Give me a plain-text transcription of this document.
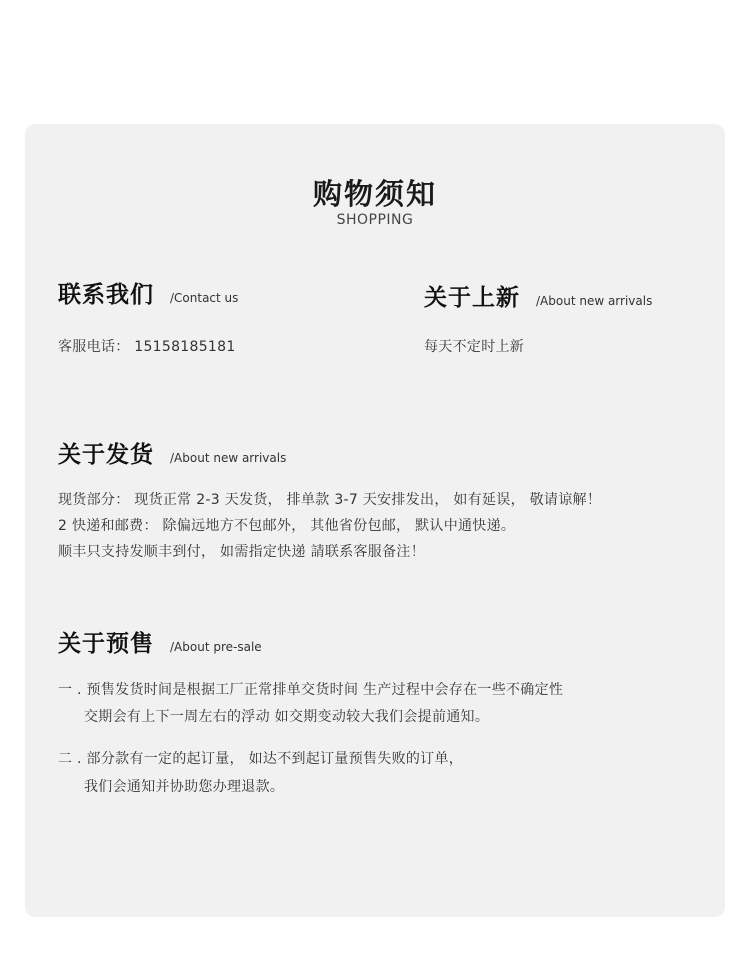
购物须知
SHOPPING
联系我们 /Contact us
客服电话： 15158185181
关于上新 /About new arrivals
每天不定时上新
关于发货 /About new arrivals
现货部分： 现货正常 2-3 天发货， 排单款 3-7 天安排发出， 如有延误， 敬请谅解！
2 快递和邮费： 除偏远地方不包邮外， 其他省份包邮， 默认中通快递。
顺丰只支持发顺丰到付， 如需指定快递 請联系客服备注！
关于预售 /About pre-sale
一 . 预售发货时间是根据工厂正常排单交货时间 生产过程中会存在一些不确定性
交期会有上下一周左右的浮动 如交期变动较大我们会提前通知。
二 . 部分款有一定的起订量， 如达不到起订量预售失败的订单，
我们会通知并协助您办理退款。
